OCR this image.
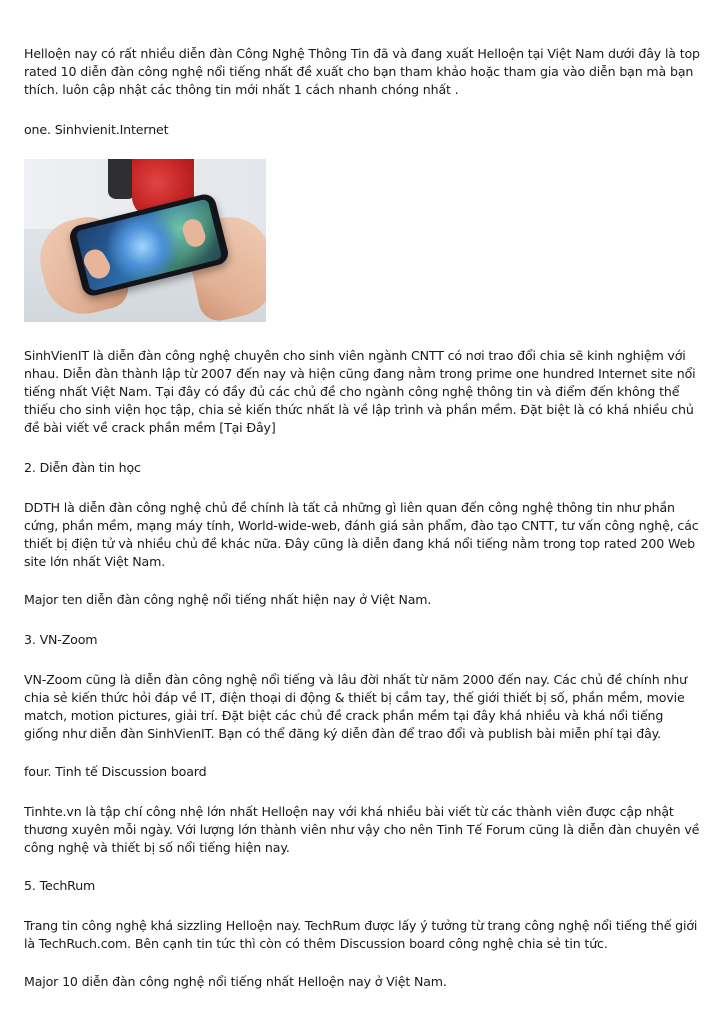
Helloện nay có rất nhiều diễn đàn Công Nghệ Thông Tin đã và đang xuất Helloện tại Việt Nam dưới đây là top rated 10 diễn đàn công nghệ nổi tiếng nhất đề xuất cho bạn tham khảo hoặc tham gia vào diễn bạn mà bạn thích. luôn cập nhật các thông tin mới nhất 1 cách nhanh chóng nhất .

one. Sinhvienit.Internet

SinhVienIT là diễn đàn công nghệ chuyên cho sinh viên ngành CNTT có nơi trao đổi chia sẽ kinh nghiệm với nhau. Diễn đàn thành lập từ 2007 đến nay và hiện cũng đang nằm trong prime one hundred Internet site nổi tiếng nhất Việt Nam. Tại đây có đầy đủ các chủ đề cho ngành công nghệ thông tin và điểm đến không thể thiếu cho sinh viện học tập, chia sẻ kiến thức nhất là về lập trình và phần mềm. Đặt biệt là có khá nhiều chủ đề bài viết về crack phần mềm [Tại Đây]

2. Diễn đàn tin học

DDTH là diễn đàn công nghệ chủ đề chính là tất cả những gì liên quan đến công nghệ thông tin như phần cứng, phần mềm, mạng máy tính, World-wide-web, đánh giá sản phẩm, đào tạo CNTT, tư vấn công nghệ, các thiết bị điện tử và nhiều chủ đề khác nữa. Đây cũng là diễn đang khá nổi tiếng nằm trong top rated 200 Web site lớn nhất Việt Nam.

Major ten diễn đàn công nghệ nổi tiếng nhất hiện nay ở Việt Nam.

3. VN-Zoom

VN-Zoom cũng là diễn đàn công nghệ nổi tiếng và lâu đời nhất từ năm 2000 đến nay. Các chủ đề chính như chia sẻ kiến thức hỏi đáp về IT, điện thoại di động & thiết bị cầm tay, thế giới thiết bị số, phần mềm, movie match, motion pictures, giải trí. Đặt biệt các chủ đề crack phần mềm tại đây khá nhiều và khá nổi tiếng giống như diễn đàn SinhVienIT. Bạn có thể đăng ký diễn đàn để trao đổi và publish bài miễn phí tại đây.

four. Tinh tế Discussion board

Tinhte.vn là tập chí công nhệ lớn nhất Helloện nay với khá nhiều bài viết từ các thành viên được cập nhật thương xuyên mỗi ngày. Với lượng lớn thành viên như vậy cho nên Tinh Tế Forum cũng là diễn đàn chuyên về công nghệ và thiết bị số nổi tiếng hiện nay.

5. TechRum

Trang tin công nghệ khá sizzling Helloện nay. TechRum được lấy ý tưởng từ trang công nghệ nổi tiếng thế giới là TechRuch.com. Bên cạnh tin tức thì còn có thêm Discussion board công nghệ chia sẻ tin tức.

Major 10 diễn đàn công nghệ nổi tiếng nhất Helloện nay ở Việt Nam.
